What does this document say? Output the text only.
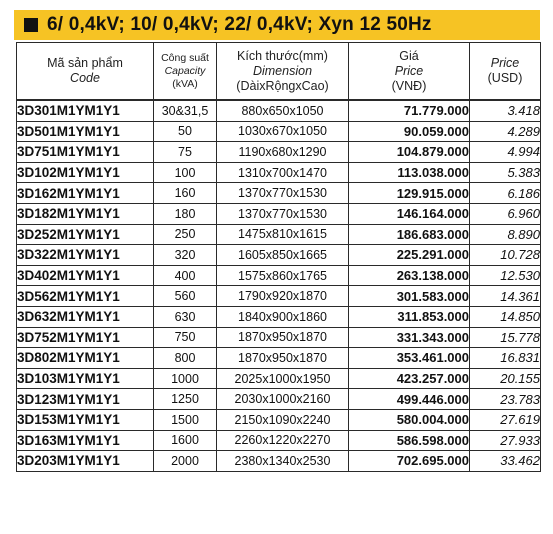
6/ 0,4kV; 10/ 0,4kV; 22/ 0,4kV; Xyn 12 50Hz
Mã sản phẩm
Code	Công suất
Capacity
(kVA)	Kích thước(mm)
Dimension
(DàixRộngxCao)	Giá
Price
(VNĐ)	Price
(USD)

3D301M1YM1Y1	30&31,5	880x650x1050	71.779.000	3.418
3D501M1YM1Y1	50	1030x670x1050	90.059.000	4.289
3D751M1YM1Y1	75	1190x680x1290	104.879.000	4.994
3D102M1YM1Y1	100	1310x700x1470	113.038.000	5.383
3D162M1YM1Y1	160	1370x770x1530	129.915.000	6.186
3D182M1YM1Y1	180	1370x770x1530	146.164.000	6.960
3D252M1YM1Y1	250	1475x810x1615	186.683.000	8.890
3D322M1YM1Y1	320	1605x850x1665	225.291.000	10.728
3D402M1YM1Y1	400	1575x860x1765	263.138.000	12.530
3D562M1YM1Y1	560	1790x920x1870	301.583.000	14.361
3D632M1YM1Y1	630	1840x900x1860	311.853.000	14.850
3D752M1YM1Y1	750	1870x950x1870	331.343.000	15.778
3D802M1YM1Y1	800	1870x950x1870	353.461.000	16.831
3D103M1YM1Y1	1000	2025x1000x1950	423.257.000	20.155
3D123M1YM1Y1	1250	2030x1000x2160	499.446.000	23.783
3D153M1YM1Y1	1500	2150x1090x2240	580.004.000	27.619
3D163M1YM1Y1	1600	2260x1220x2270	586.598.000	27.933
3D203M1YM1Y1	2000	2380x1340x2530	702.695.000	33.462
